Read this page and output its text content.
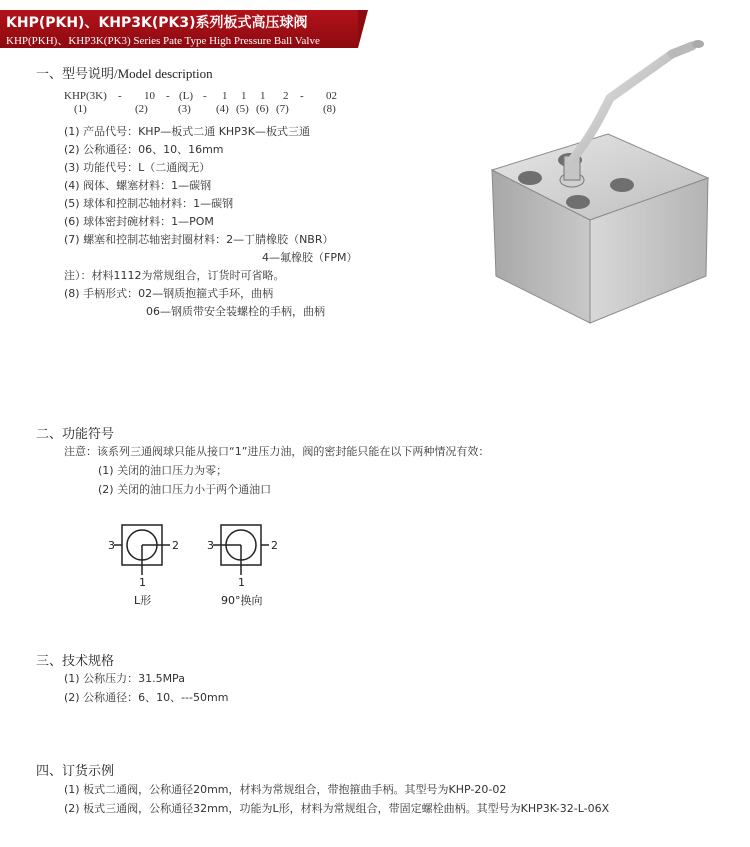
KHP(PKH)、KHP3K(PK3)系列板式高压球阀
KHP(PKH)、KHP3K(PK3) Series Pate Type High Pressure Ball Valve
一、型号说明/Model description
KHP(3K) - 10 - (L) - 1 1 1 2 - 02
(1)	(2)	(3) (4) (5) (6) (7)	(8)
(1) 产品代号：KHP—板式二通 KHP3K—板式三通
(2) 公称通径：06、10、16mm
(3) 功能代号：L（二通阀无）
(4) 阀体、螺塞材料：1—碳钢
(5) 球体和控制芯轴材料：1—碳钢
(6) 球体密封碗材料：1—POM
(7) 螺塞和控制芯轴密封圈材料：2—丁腈橡胶（NBR）
4—氟橡胶（FPM）
注）：材料1112为常规组合，订货时可省略。
(8) 手柄形式：02—钢质抱箍式手环，曲柄
06—钢质带安全装螺栓的手柄，曲柄
二、功能符号
注意：该系列三通阀球只能从接口“1”进压力油，阀的密封能只能在以下两种情况有效：
(1) 关闭的油口压力为零；
(2) 关闭的油口压力小于两个通油口
3	2
1
L形
3	2
1
90°换向
三、技术规格
(1) 公称压力：31.5MPa
(2) 公称通径：6、10、---50mm
四、订货示例
(1) 板式二通阀，公称通径20mm，材料为常规组合，带抱箍曲手柄。其型号为KHP-20-02
(2) 板式三通阀，公称通径32mm，功能为L形，材料为常规组合，带固定螺栓曲柄。其型号为KHP3K-32-L-06X
